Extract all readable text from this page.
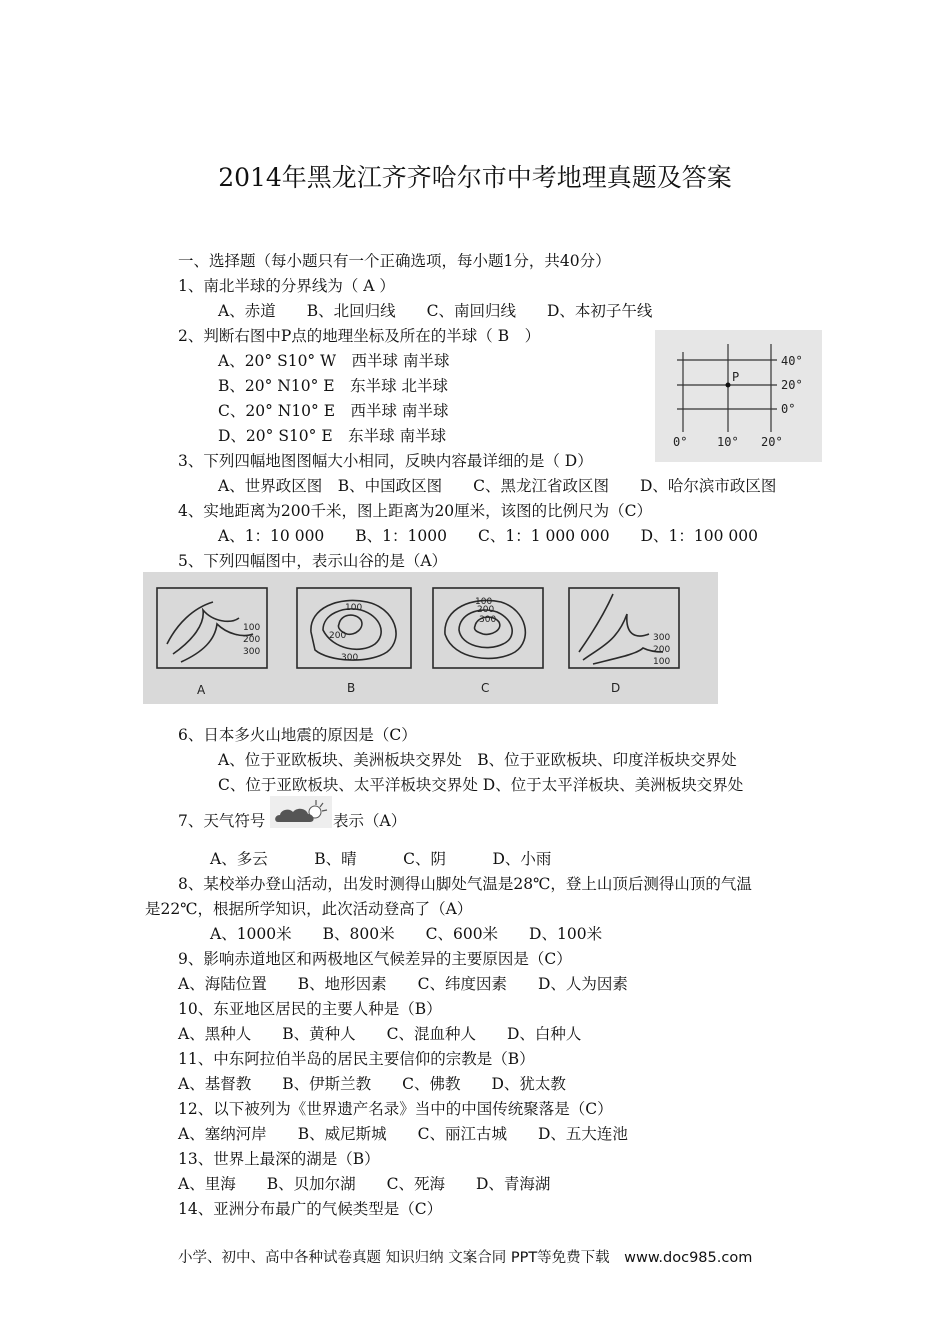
2014年黑龙江齐齐哈尔市中考地理真题及答案
一、选择题（每小题只有一个正确选项，每小题1分，共40分）
1、南北半球的分界线为（ A ）
A、赤道　　B、北回归线　　C、南回归线　　D、本初子午线
2、判断右图中P点的地理坐标及所在的半球（ B　）
A、20° S10° W　西半球 南半球
B、20° N10° E　东半球 北半球
C、20° N10° E　西半球 南半球
D、20° S10° E　东半球 南半球
P
40°
20°
0°
0° 10° 20°
3、下列四幅地图图幅大小相同，反映内容最详细的是（ D）
A、世界政区图　B、中国政区图　　C、黑龙江省政区图　　D、哈尔滨市政区图
4、实地距离为200千米，图上距离为20厘米，该图的比例尺为（C）
A、1：10 000　　B、1：1000　　C、1：1 000 000　　D、1：100 000
5、下列四幅图中，表示山谷的是（A）
100
200
300
100
200
300
100
200
300
300
200
100
A	B	C	D
6、日本多火山地震的原因是（C）
A、位于亚欧板块、美洲板块交界处　B、位于亚欧板块、印度洋板块交界处
C、位于亚欧板块、太平洋板块交界处 D、位于太平洋板块、美洲板块交界处
7、天气符号	表示（A）
A、多云　　　B、晴　　　C、阴　　　D、小雨
8、某校举办登山活动，出发时测得山脚处气温是28℃，登上山顶后测得山顶的气温
是22℃，根据所学知识，此次活动登高了（A）
A、1000米　　B、800米　　C、600米　　D、100米
9、影响赤道地区和两极地区气候差异的主要原因是（C）
A、海陆位置　　B、地形因素　　C、纬度因素　　D、人为因素
10、东亚地区居民的主要人种是（B）
A、黑种人　　B、黄种人　　C、混血种人　　D、白种人
11、中东阿拉伯半岛的居民主要信仰的宗教是（B）
A、基督教　　B、伊斯兰教　　C、佛教　　D、犹太教
12、以下被列为《世界遗产名录》当中的中国传统聚落是（C）
A、塞纳河岸　　B、威尼斯城　　C、丽江古城　　D、五大连池
13、世界上最深的湖是（B）
A、里海　　B、贝加尔湖　　C、死海　　D、青海湖
14、亚洲分布最广的气候类型是（C）
小学、初中、高中各种试卷真题 知识归纳 文案合同 PPT等免费下载　www.doc985.com
